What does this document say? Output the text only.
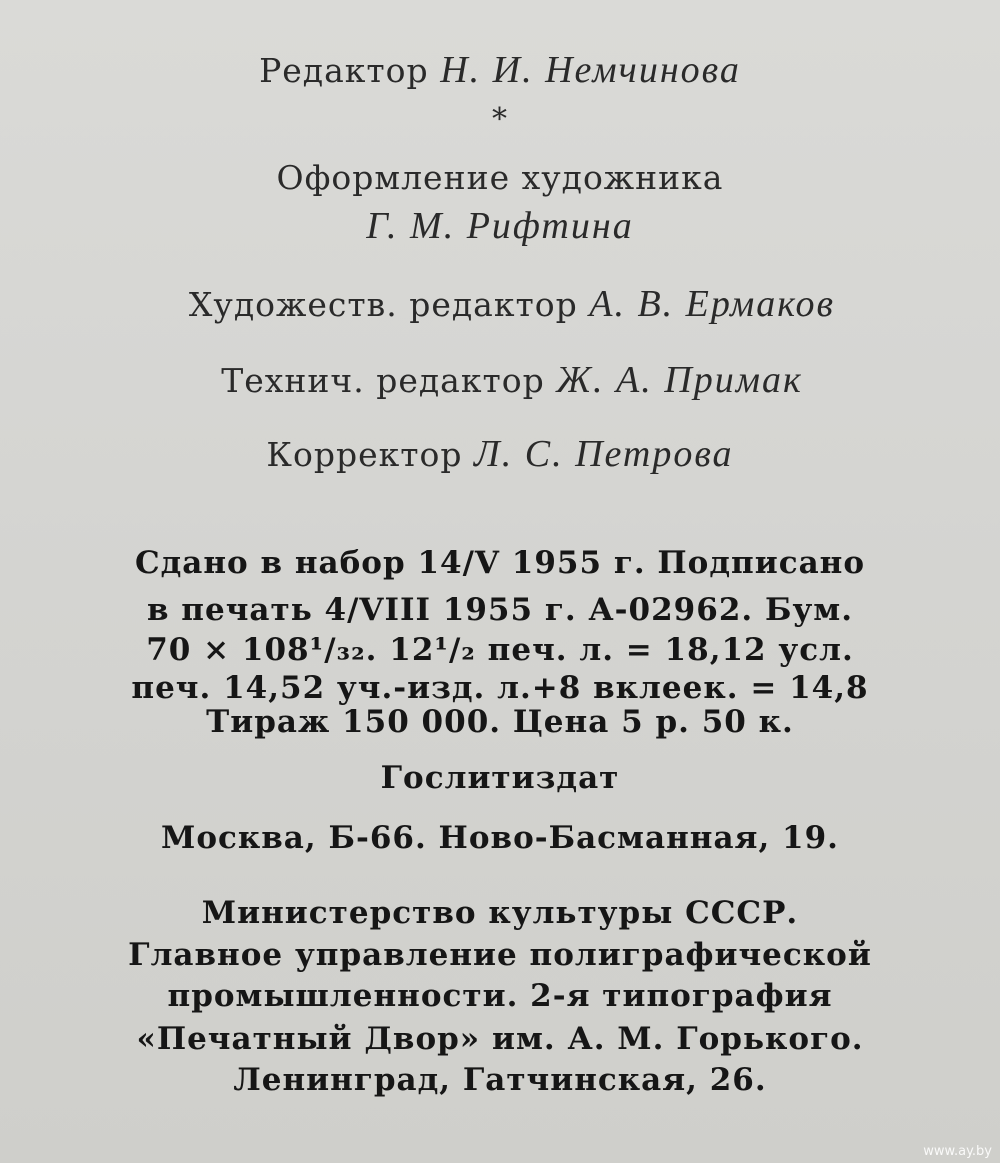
Редактор Н. И. Немчинова
*
Оформление художника
Г. М. Рифтина
Художеств. редактор А. В. Ермаков
Технич. редактор Ж. А. Примак
Корректор Л. С. Петрова
Сдано в набор 14/V 1955 г. Подписано
в печать 4/VIII 1955 г. А-02962. Бум.
70 × 108¹/₃₂. 12¹/₂ печ. л. = 18,12 усл.
печ. 14,52 уч.-изд. л.+8 вклеек. = 14,8
Тираж 150 000. Цена 5 р. 50 к.
Гослитиздат
Москва, Б-66. Ново-Басманная, 19.
Министерство культуры СССР.
Главное управление полиграфической
промышленности. 2-я типография
«Печатный Двор» им. А. М. Горького.
Ленинград, Гатчинская, 26.
www.ay.by
